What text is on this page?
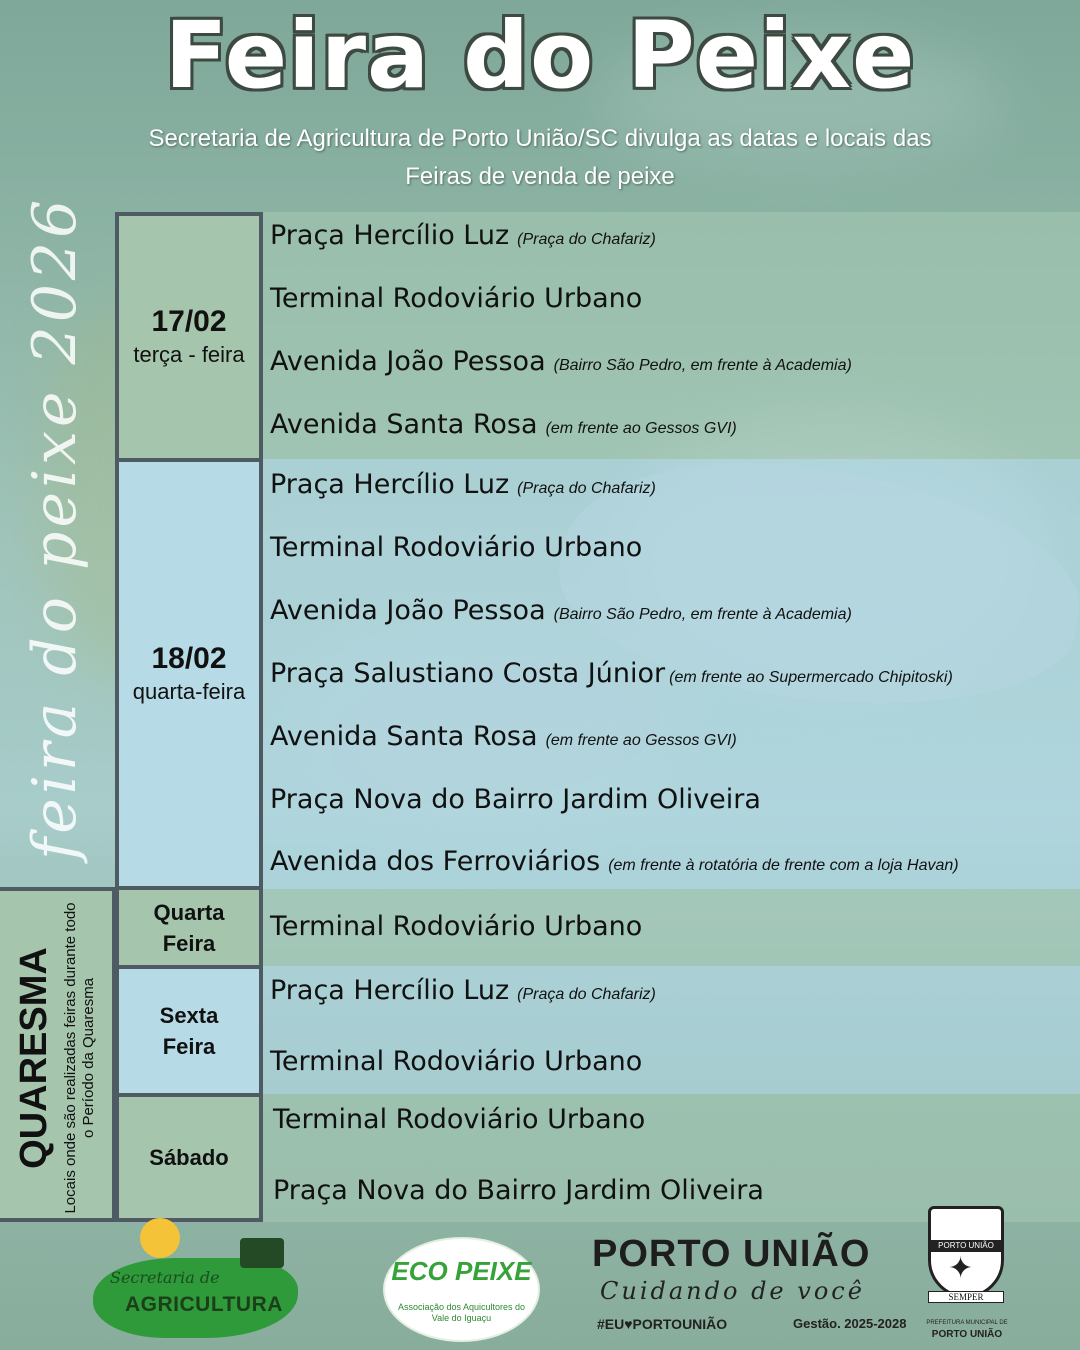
Feira do Peixe
Secretaria de Agricultura de Porto União/SC divulga as datas e locais das
Feiras de venda de peixe
feira do peixe 2026	17/02
terça - feira
18/02
quarta-feira
Quarta
Feira
Sexta
Feira
Sábado
QUARESMA Locais onde são realizadas feiras durante todo o Período da Quaresma
Praça Hercílio Luz (Praça do Chafariz)
Terminal Rodoviário Urbano
Avenida João Pessoa (Bairro São Pedro, em frente à Academia)
Avenida Santa Rosa (em frente ao Gessos GVI)
Praça Hercílio Luz (Praça do Chafariz)
Terminal Rodoviário Urbano
Avenida João Pessoa (Bairro São Pedro, em frente à Academia)
Praça Salustiano Costa Júnior (em frente ao Supermercado Chipitoski)
Avenida Santa Rosa (em frente ao Gessos GVI)
Praça Nova do Bairro Jardim Oliveira
Avenida dos Ferroviários (em frente à rotatória de frente com a loja Havan)
Terminal Rodoviário Urbano
Praça Hercílio Luz (Praça do Chafariz)
Terminal Rodoviário Urbano
Terminal Rodoviário Urbano
Praça Nova do Bairro Jardim Oliveira
Secretaria de
AGRICULTURA
ECO PEIXE
Associação dos Aquicultores do Vale do Iguaçu
PORTO UNIÃO
Cuidando de você
#EU♥PORTOUNIÃO	Gestão. 2025-2028
PORTO UNIÃO
✦
SEMPER
PREFEITURA MUNICIPAL DE
PORTO UNIÃO
